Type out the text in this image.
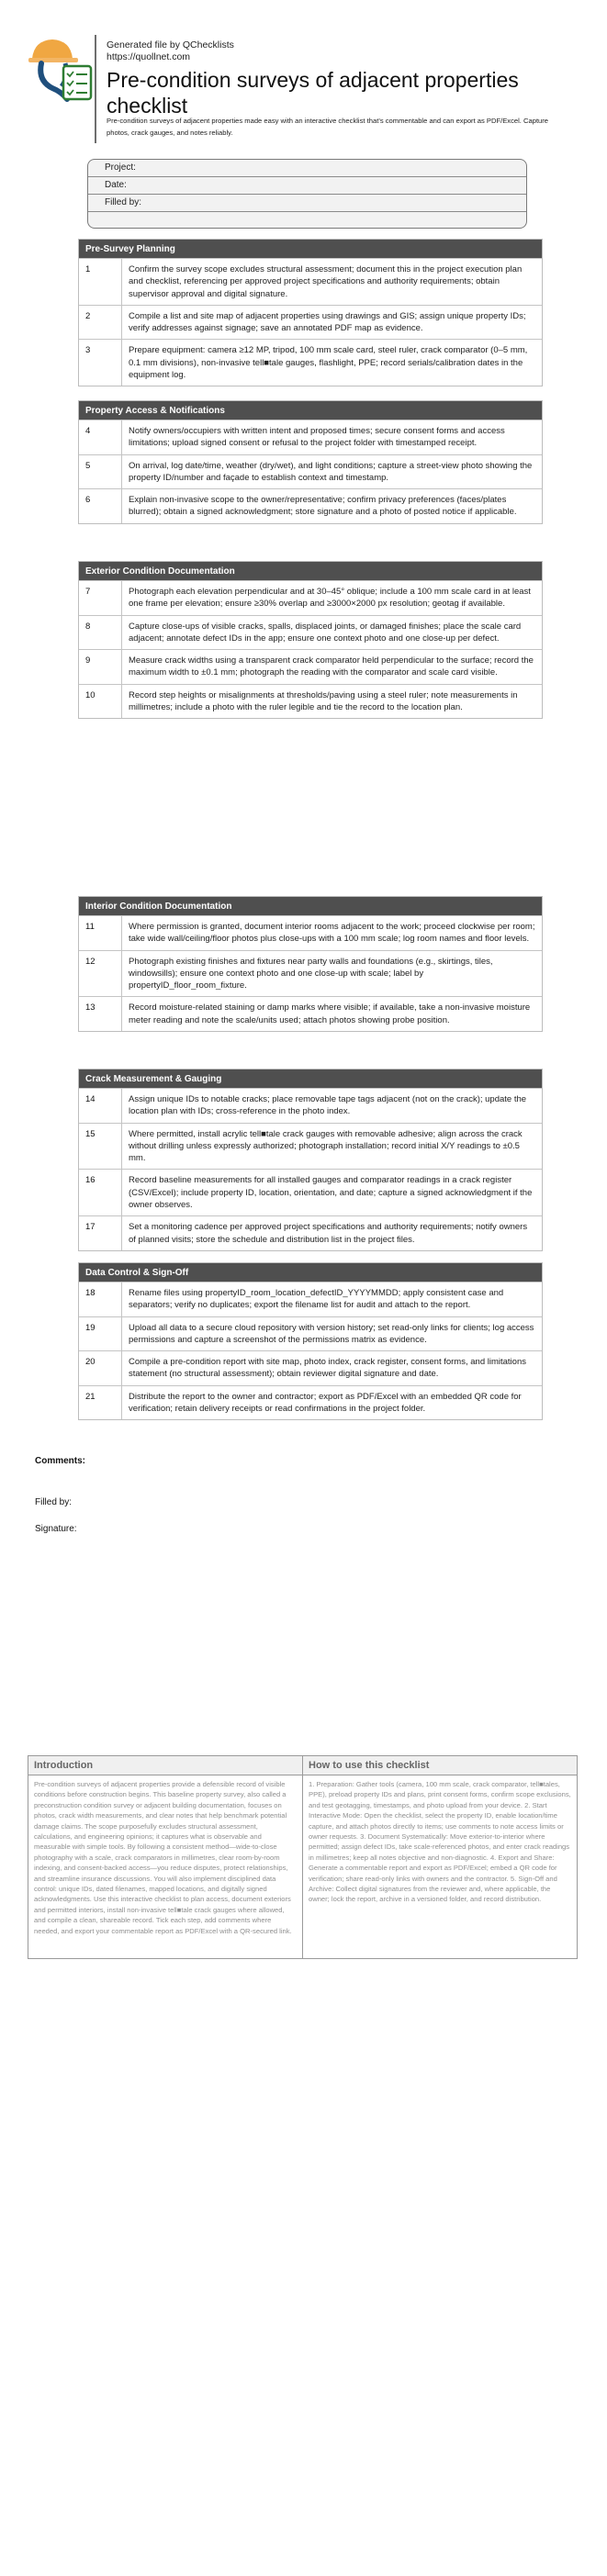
Generated file by QChecklists
https://quollnet.com
Pre-condition surveys of adjacent properties checklist
Pre-condition surveys of adjacent properties made easy with an interactive checklist that’s commentable and can export as PDF/Excel. Capture photos, crack gauges, and notes reliably.
Project:
Date:
Filled by:
Pre-Survey Planning
1	Confirm the survey scope excludes structural assessment; document this in the project execution plan and checklist, referencing per approved project specifications and authority requirements; obtain supervisor approval and digital signature.
2	Compile a list and site map of adjacent properties using drawings and GIS; assign unique property IDs; verify addresses against signage; save an annotated PDF map as evidence.
3	Prepare equipment: camera ≥12 MP, tripod, 100 mm scale card, steel ruler, crack comparator (0–5 mm, 0.1 mm divisions), non-invasive tell■tale gauges, flashlight, PPE; record serials/calibration dates in the equipment log.
Property Access & Notifications
4	Notify owners/occupiers with written intent and proposed times; secure consent forms and access limitations; upload signed consent or refusal to the project folder with timestamped receipt.
5	On arrival, log date/time, weather (dry/wet), and light conditions; capture a street-view photo showing the property ID/number and façade to establish context and timestamp.
6	Explain non-invasive scope to the owner/representative; confirm privacy preferences (faces/plates blurred); obtain a signed acknowledgment; store signature and a photo of posted notice if applicable.
Exterior Condition Documentation
7	Photograph each elevation perpendicular and at 30–45° oblique; include a 100 mm scale card in at least one frame per elevation; ensure ≥30% overlap and ≥3000×2000 px resolution; geotag if available.
8	Capture close-ups of visible cracks, spalls, displaced joints, or damaged finishes; place the scale card adjacent; annotate defect IDs in the app; ensure one context photo and one close-up per defect.
9	Measure crack widths using a transparent crack comparator held perpendicular to the surface; record the maximum width to ±0.1 mm; photograph the reading with the comparator and scale card visible.
10	Record step heights or misalignments at thresholds/paving using a steel ruler; note measurements in millimetres; include a photo with the ruler legible and tie the record to the location plan.
Interior Condition Documentation
11	Where permission is granted, document interior rooms adjacent to the work; proceed clockwise per room; take wide wall/ceiling/floor photos plus close-ups with a 100 mm scale; log room names and floor levels.
12	Photograph existing finishes and fixtures near party walls and foundations (e.g., skirtings, tiles, windowsills); ensure one context photo and one close-up with scale; label by propertyID_floor_room_fixture.
13	Record moisture-related staining or damp marks where visible; if available, take a non-invasive moisture meter reading and note the scale/units used; attach photos showing probe position.
Crack Measurement & Gauging
14	Assign unique IDs to notable cracks; place removable tape tags adjacent (not on the crack); update the location plan with IDs; cross-reference in the photo index.
15	Where permitted, install acrylic tell■tale crack gauges with removable adhesive; align across the crack without drilling unless expressly authorized; photograph installation; record initial X/Y readings to ±0.5 mm.
16	Record baseline measurements for all installed gauges and comparator readings in a crack register (CSV/Excel); include property ID, location, orientation, and date; capture a signed acknowledgment if the owner observes.
17	Set a monitoring cadence per approved project specifications and authority requirements; notify owners of planned visits; store the schedule and distribution list in the project files.
Data Control & Sign-Off
18	Rename files using propertyID_room_location_defectID_YYYYMMDD; apply consistent case and separators; verify no duplicates; export the filename list for audit and attach to the report.
19	Upload all data to a secure cloud repository with version history; set read-only links for clients; log access permissions and capture a screenshot of the permissions matrix as evidence.
20	Compile a pre-condition report with site map, photo index, crack register, consent forms, and limitations statement (no structural assessment); obtain reviewer digital signature and date.
21	Distribute the report to the owner and contractor; export as PDF/Excel with an embedded QR code for verification; retain delivery receipts or read confirmations in the project folder.
Comments:
Filled by:
Signature:
Introduction
Pre-condition surveys of adjacent properties provide a defensible record of visible conditions before construction begins. This baseline property survey, also called a preconstruction condition survey or adjacent building documentation, focuses on photos, crack width measurements, and clear notes that help benchmark potential damage claims. The scope purposefully excludes structural assessment, calculations, and engineering opinions; it captures what is observable and measurable with simple tools. By following a consistent method—wide-to-close photography with a scale, crack comparators in millimetres, clear room-by-room indexing, and consent-backed access—you reduce disputes, protect relationships, and streamline insurance discussions. You will also implement disciplined data control: unique IDs, dated filenames, mapped locations, and digitally signed acknowledgments. Use this interactive checklist to plan access, document exteriors and permitted interiors, install non-invasive tell■tale crack gauges where allowed, and compile a clean, shareable record. Tick each step, add comments where needed, and export your commentable report as PDF/Excel with a QR-secured link.
How to use this checklist
1. Preparation: Gather tools (camera, 100 mm scale, crack comparator, tell■tales, PPE), preload property IDs and plans, print consent forms, confirm scope exclusions, and test geotagging, timestamps, and photo upload from your device. 2. Start Interactive Mode: Open the checklist, select the property ID, enable location/time capture, and attach photos directly to items; use comments to note access limits or owner requests. 3. Document Systematically: Move exterior-to-interior where permitted; assign defect IDs, take scale-referenced photos, and enter crack readings in millimetres; keep all notes objective and non-diagnostic. 4. Export and Share: Generate a commentable report and export as PDF/Excel; embed a QR code for verification; share read-only links with owners and the contractor. 5. Sign-Off and Archive: Collect digital signatures from the reviewer and, where applicable, the owner; lock the report, archive in a versioned folder, and record distribution.
